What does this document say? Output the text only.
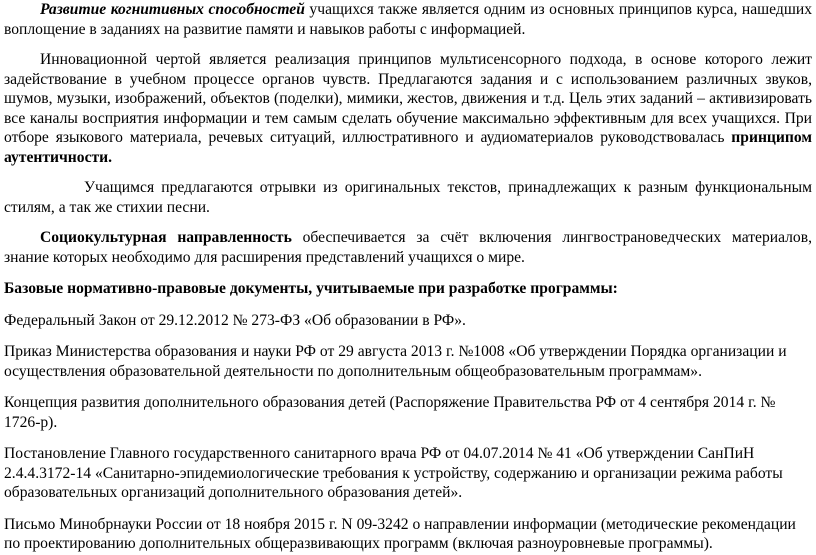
Развитие когнитивных способностей учащихся также является одним из основных принципов курса, нашедших воплощение в заданиях на развитие памяти и навыков работы с информацией.

Инновационной чертой является реализация принципов мультисенсорного подхода, в основе которого лежит задействование в учебном процессе органов чувств. Предлагаются задания и с использованием различных звуков, шумов, музыки, изображений, объектов (поделки), мимики, жестов, движения и т.д. Цель этих заданий – активизировать все каналы восприятия информации и тем самым сделать обучение максимально эффективным для всех учащихся. При отборе языкового материала, речевых ситуаций, иллюстративного и аудиоматериалов руководствовалась принципом аутентичности.

Учащимся предлагаются отрывки из оригинальных текстов, принадлежащих к разным функциональным стилям, а так же стихии песни.

Социокультурная направленность обеспечивается за счёт включения лингвострановедческих материалов, знание которых необходимо для расширения представлений учащихся о мире.

Базовые нормативно-правовые документы, учитываемые при разработке программы:

Федеральный Закон от 29.12.2012 № 273-ФЗ «Об образовании в РФ».

Приказ Министерства образования и науки РФ от 29 августа 2013 г. №1008 «Об утверждении Порядка организации и осуществления образовательной деятельности по дополнительным общеобразовательным программам».

Концепция развития дополнительного образования детей (Распоряжение Правительства РФ от 4 сентября 2014 г. № 1726-р).

Постановление Главного государственного санитарного врача РФ от 04.07.2014 № 41 «Об утверждении СанПиН 2.4.4.3172-14 «Санитарно-эпидемиологические требования к устройству, содержанию и организации режима работы образовательных организаций дополнительного образования детей».

Письмо Минобрнауки России от 18 ноября 2015 г. N 09-3242 о направлении информации (методические рекомендации по проектированию дополнительных общеразвивающих программ (включая разноуровневые программы).
